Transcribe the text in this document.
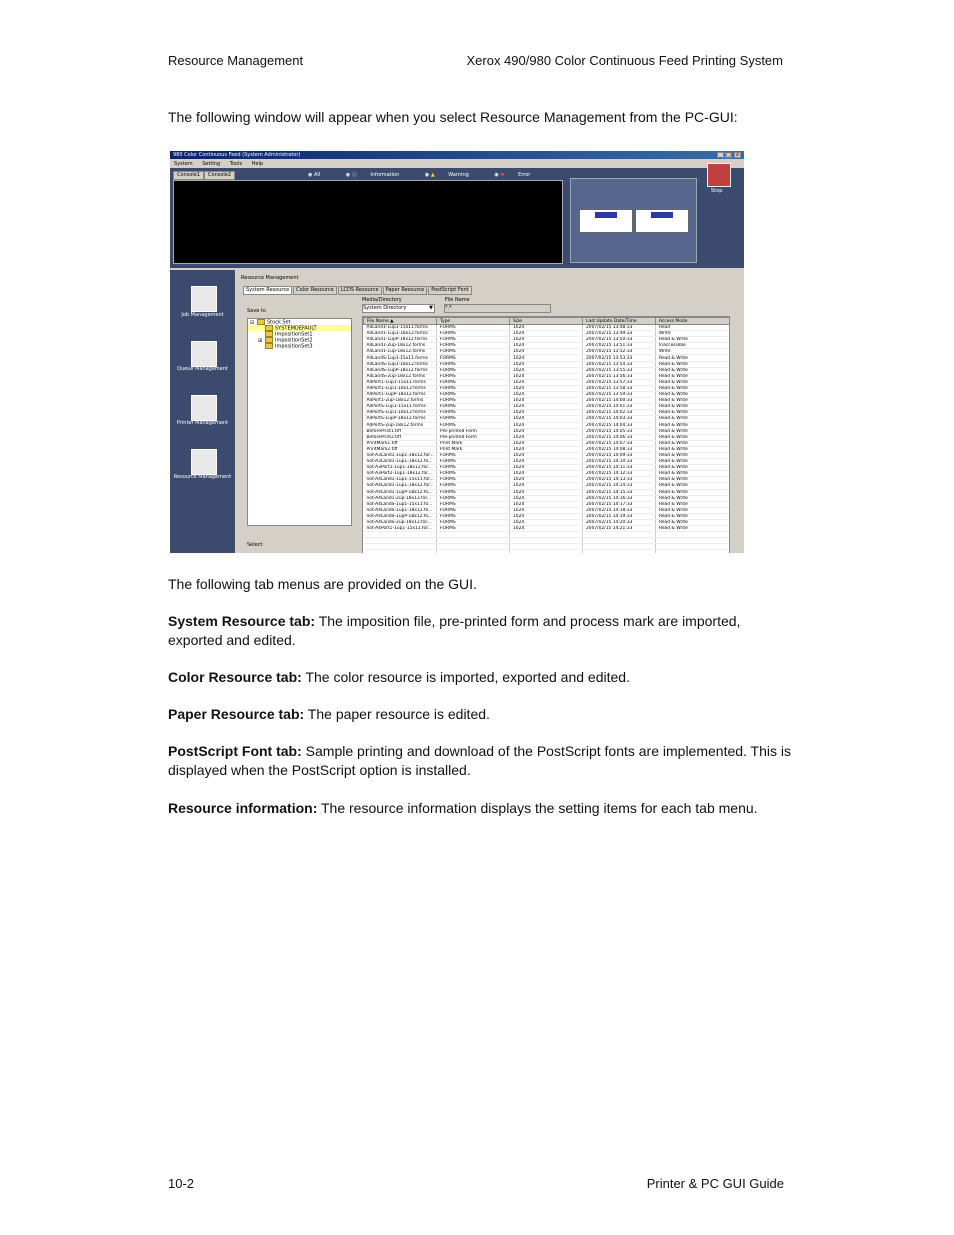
Resource Management	Xerox 490/980 Color Continuous Feed Printing System
The following window will appear when you select Resource Management from the PC-GUI:
980 Color Continuous Feed (System Administrator)	_ □	x
System Setting Tools Help
Console1 Console2	◉ All	◉ ⓘ	Information	◉ ▲	Warning	◉ ✖	Error
Stop
Job Management
Queue Management
Printer Management
Resource Management
Resource Management
System Resource Color Resource LCDS Resource Paper Resource PostScript Font
Save to
⊟	Stock Set
SYSTEMDEFAULT
ImpositionSet1
⊞	ImpositionSet2
ImpositionSet3
Select
Media/Directory
System Directory	▼
File Name
*.*
File Name ▲	Type	Size	Last Update Date/Time	Access Mode
A4Land1-1up1-15x11.forms	FORMS	1024	2007/02/15 13:48:33	Read
A4Land1-1up1-18x12.forms	FORMS	1024	2007/02/15 13:49:33	Write
A4Land1-1upP-18x12.forms	FORMS	1024	2007/02/15 13:50:33	Read & Write
A4Land1-2up-18x12.forms	FORMS	1024	2007/02/15 13:51:33	Inaccessible
A4Land1-1up-18x12.forms	FORMS	1024	2007/02/15 13:52:33	Write
A4LandS-1up1-15x11.forms	FORMS	1024	2007/02/15 13:53:33	Read & Write
A4LandS-1up1-18x12.forms	FORMS	1024	2007/02/15 13:54:33	Read & Write
A4LandS-1upP-18x12.forms	FORMS	1024	2007/02/15 13:55:33	Read & Write
A4LandS-2up-18x12.forms	FORMS	1024	2007/02/15 13:56:33	Read & Write
A4Port1-1up1-15x11.forms	FORMS	1024	2007/02/15 13:57:33	Read & Write
A4Port1-1up1-18x12.forms	FORMS	1024	2007/02/15 13:58:33	Read & Write
A4Port1-1upP-18x12.forms	FORMS	1024	2007/02/15 13:59:33	Read & Write
A4Port1-2up-18x12.forms	FORMS	1024	2007/02/15 14:00:33	Read & Write
A4PortS-1up1-15x11.forms	FORMS	1024	2007/02/15 14:01:33	Read & Write
A4PortS-1up1-18x12.forms	FORMS	1024	2007/02/15 14:02:33	Read & Write
A4PortS-1upP-18x12.forms	FORMS	1024	2007/02/15 14:03:33	Read & Write
A4PortS-2up-18x12.forms	FORMS	1024	2007/02/15 14:04:33	Read & Write
BeforePrint1.tiff	Pre-printed Form	1024	2007/02/15 14:05:33	Read & Write
BeforePrint2.tiff	Pre-printed Form	1024	2007/02/15 14:06:33	Read & Write
PrintMark1.tiff	Print Mark	1024	2007/02/15 14:07:33	Read & Write
PrintMark2.tiff	Print Mark	1024	2007/02/15 14:08:33	Read & Write
not-A3Land1-1up1-18x12.for...	FORMS	1024	2007/02/15 14:09:33	Read & Write
not-A3Land1-1up1-18x12.fo...	FORMS	1024	2007/02/15 14:10:33	Read & Write
not-A3Port1-1up1-18x12.for...	FORMS	1024	2007/02/15 14:11:33	Read & Write
not-A3Port2-1up1-18x12.for...	FORMS	1024	2007/02/15 14:12:33	Read & Write
not-A4Land1-1up1-15x11.for...	FORMS	1024	2007/02/15 14:13:33	Read & Write
not-A4Land1-1up1-18x12.for...	FORMS	1024	2007/02/15 14:14:33	Read & Write
not-A4Land1-1upP-18x12.fo...	FORMS	1024	2007/02/15 14:15:33	Read & Write
not-A4Land1-2up-18x12.for...	FORMS	1024	2007/02/15 14:16:33	Read & Write
not-A4LandS-1up1-15x11.fo...	FORMS	1024	2007/02/15 14:17:33	Read & Write
not-A4LandS-1up1-18x12.fo...	FORMS	1024	2007/02/15 14:18:33	Read & Write
not-A4LandS-1upP-18x12.fo...	FORMS	1024	2007/02/15 14:19:33	Read & Write
not-A4LandS-2up-18x12.for...	FORMS	1024	2007/02/15 14:20:33	Read & Write
not-A4Port1-1up1-15x11.for...	FORMS	1024	2007/02/15 14:21:33	Read & Write

The following tab menus are provided on the GUI.
System Resource tab: The imposition file, pre-printed form and process mark are imported, exported and edited.
Color Resource tab: The color resource is imported, exported and edited.
Paper Resource tab: The paper resource is edited.
PostScript Font tab: Sample printing and download of the PostScript fonts are implemented. This is displayed when the PostScript option is installed.
Resource information: The resource information displays the setting items for each tab menu.
10-2	Printer & PC GUI Guide
